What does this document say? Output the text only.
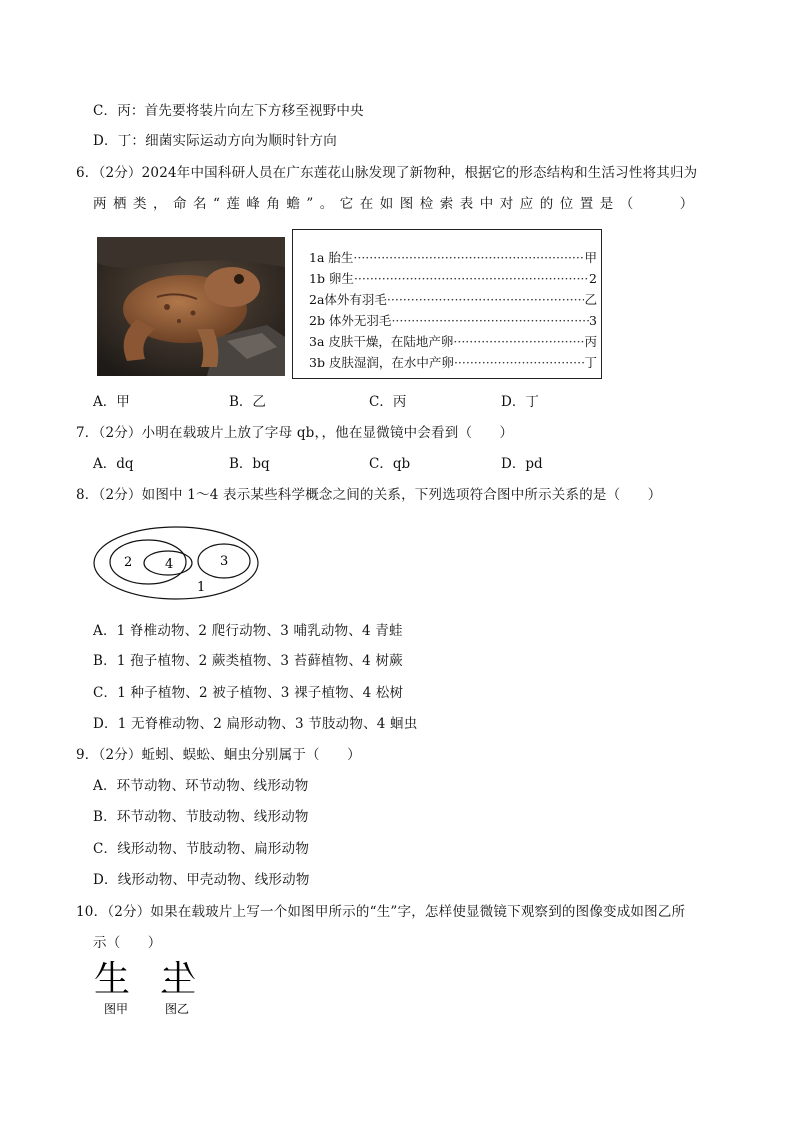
C．丙：首先要将装片向左下方移至视野中央
D．丁：细菌实际运动方向为顺时针方向
6．（2分）2024年中国科研人员在广东莲花山脉发现了新物种，根据它的形态结构和生活习性将其归为
两栖类，命名“莲峰角蟾”。它在如图检索表中对应的位置是（　　）
1a 胎生 ·····	甲
1b 卵生 ·····	2
2a体外有羽毛 ·····	乙
2b 体外无羽毛 ·····	3
3a 皮肤干燥，在陆地产卵 ·····	丙
3b 皮肤湿润，在水中产卵 ·····	丁
A．甲	B．乙	C．丙	D．丁
7．（2分）小明在载玻片上放了字母 qb，，他在显微镜中会看到（　　）
A．dq	B．bq	C．qb	D．pd
8．（2分）如图中 1～4 表示某些科学概念之间的关系，下列选项符合图中所示关系的是（　　）
2	4	3
1
A．1 脊椎动物、2 爬行动物、3 哺乳动物、4 青蛙
B．1 孢子植物、2 蕨类植物、3 苔藓植物、4 树蕨
C．1 种子植物、2 被子植物、3 裸子植物、4 松树
D．1 无脊椎动物、2 扁形动物、3 节肢动物、4 蛔虫
9．（2分）蚯蚓、蜈蚣、蛔虫分别属于（　　）
A．环节动物、环节动物、线形动物
B．环节动物、节肢动物、线形动物
C．线形动物、节肢动物、扁形动物
D．线形动物、甲壳动物、线形动物
10．（2分）如果在载玻片上写一个如图甲所示的“生”字，怎样使显微镜下观察到的图像变成如图乙所
示（　　）
生 生
图甲	图乙
